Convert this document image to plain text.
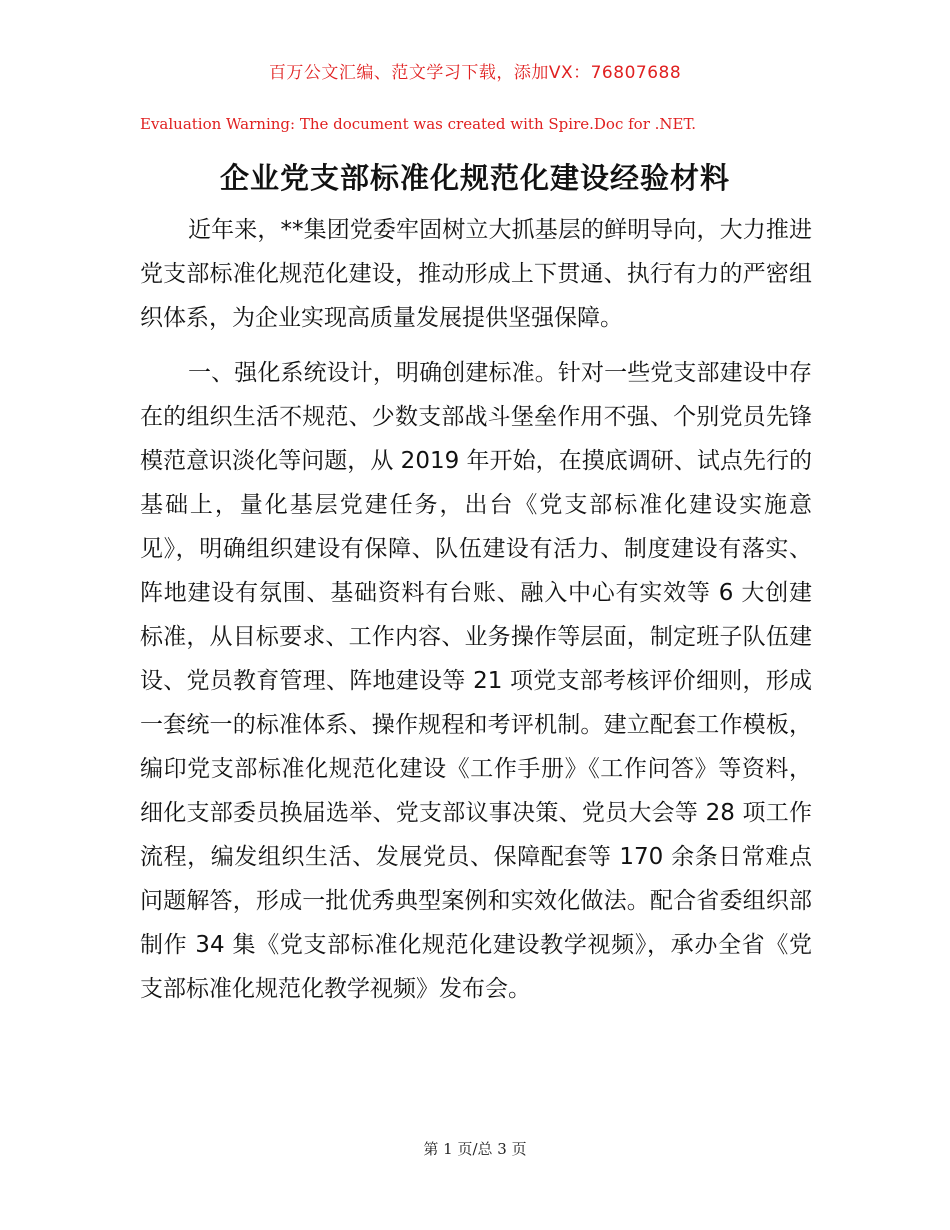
百万公文汇编、范文学习下载，添加VX：76807688
Evaluation Warning: The document was created with Spire.Doc for .NET.
企业党支部标准化规范化建设经验材料

近年来，**集团党委牢固树立大抓基层的鲜明导向，大力推进党支部标准化规范化建设，推动形成上下贯通、执行有力的严密组织体系，为企业实现高质量发展提供坚强保障。

一、强化系统设计，明确创建标准。针对一些党支部建设中存在的组织生活不规范、少数支部战斗堡垒作用不强、个别党员先锋模范意识淡化等问题，从 2019 年开始，在摸底调研、试点先行的基础上，量化基层党建任务，出台《党支部标准化建设实施意见》，明确组织建设有保障、队伍建设有活力、制度建设有落实、阵地建设有氛围、基础资料有台账、融入中心有实效等 6 大创建标准，从目标要求、工作内容、业务操作等层面，制定班子队伍建设、党员教育管理、阵地建设等 21 项党支部考核评价细则，形成一套统一的标准体系、操作规程和考评机制。建立配套工作模板，编印党支部标准化规范化建设《工作手册》《工作问答》等资料，细化支部委员换届选举、党支部议事决策、党员大会等 28 项工作流程，编发组织生活、发展党员、保障配套等 170 余条日常难点问题解答，形成一批优秀典型案例和实效化做法。配合省委组织部制作 34 集《党支部标准化规范化建设教学视频》，承办全省《党支部标准化规范化教学视频》发布会。

第 1 页/总 3 页
